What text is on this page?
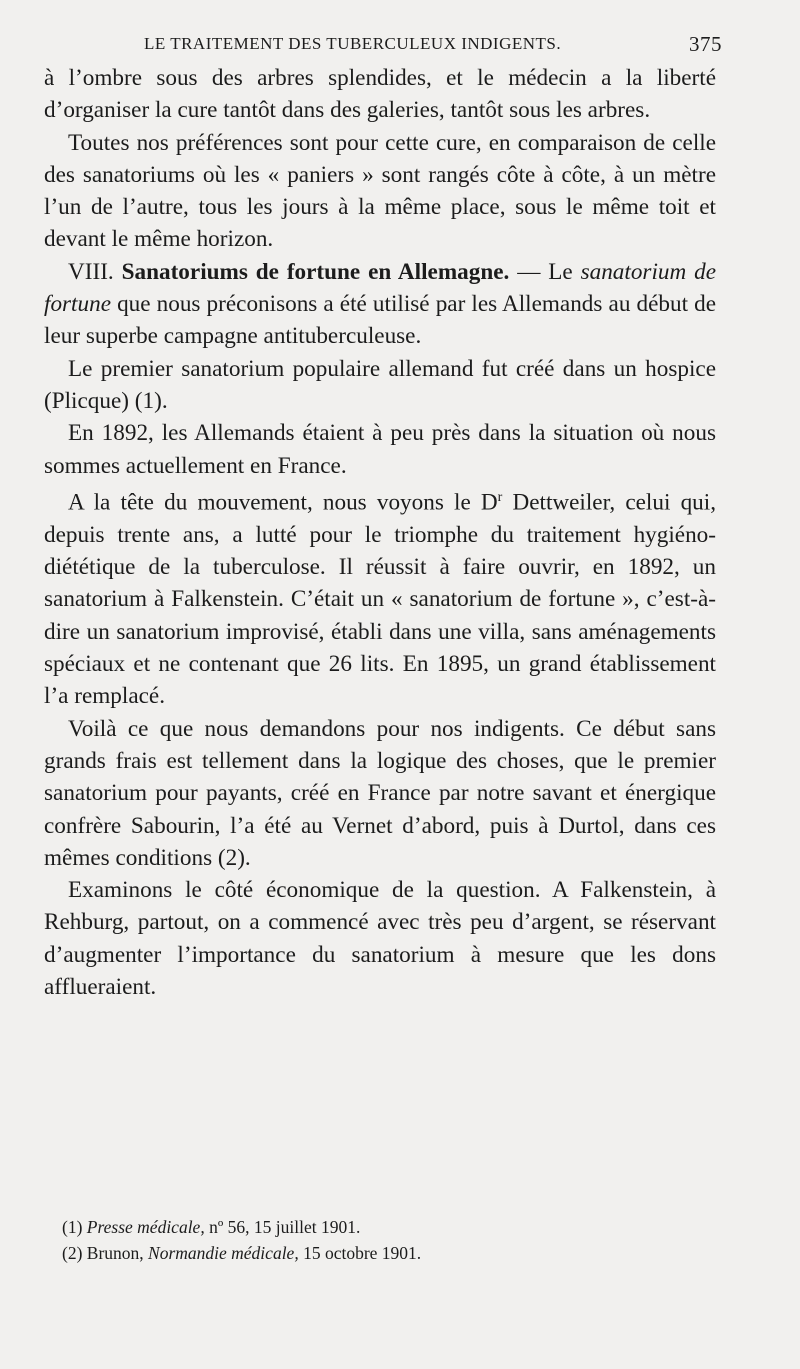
LE TRAITEMENT DES TUBERCULEUX INDIGENTS.	375

à l’ombre sous des arbres splendides, et le médecin a la liberté d’organiser la cure tantôt dans des galeries, tantôt sous les arbres.

Toutes nos préférences sont pour cette cure, en comparaison de celle des sanatoriums où les « paniers » sont rangés côte à côte, à un mètre l’un de l’autre, tous les jours à la même place, sous le même toit et devant le même horizon.

VIII. Sanatoriums de fortune en Allemagne. — Le sanatorium de fortune que nous préconisons a été utilisé par les Allemands au début de leur superbe campagne antituberculeuse.

Le premier sanatorium populaire allemand fut créé dans un hospice (Plicque) (1).

En 1892, les Allemands étaient à peu près dans la situation où nous sommes actuellement en France.

A la tête du mouvement, nous voyons le $D^r$ Dettweiler, celui qui, depuis trente ans, a lutté pour le triomphe du traitement hygiéno-diététique de la tuberculose. Il réussit à faire ouvrir, en 1892, un sanatorium à Falkenstein. C’était un « sanatorium de fortune », c’est-à-dire un sanatorium improvisé, établi dans une villa, sans aménagements spéciaux et ne contenant que 26 lits. En 1895, un grand établissement l’a remplacé.

Voilà ce que nous demandons pour nos indigents. Ce début sans grands frais est tellement dans la logique des choses, que le premier sanatorium pour payants, créé en France par notre savant et énergique confrère Sabourin, l’a été au Vernet d’abord, puis à Durtol, dans ces mêmes conditions (2).

Examinons le côté économique de la question. A Falkenstein, à Rehburg, partout, on a commencé avec très peu d’argent, se réservant d’augmenter l’importance du sanatorium à mesure que les dons afflueraient.

(1) Presse médicale, nº 56, 15 juillet 1901.

(2) Brunon, Normandie médicale, 15 octobre 1901.
